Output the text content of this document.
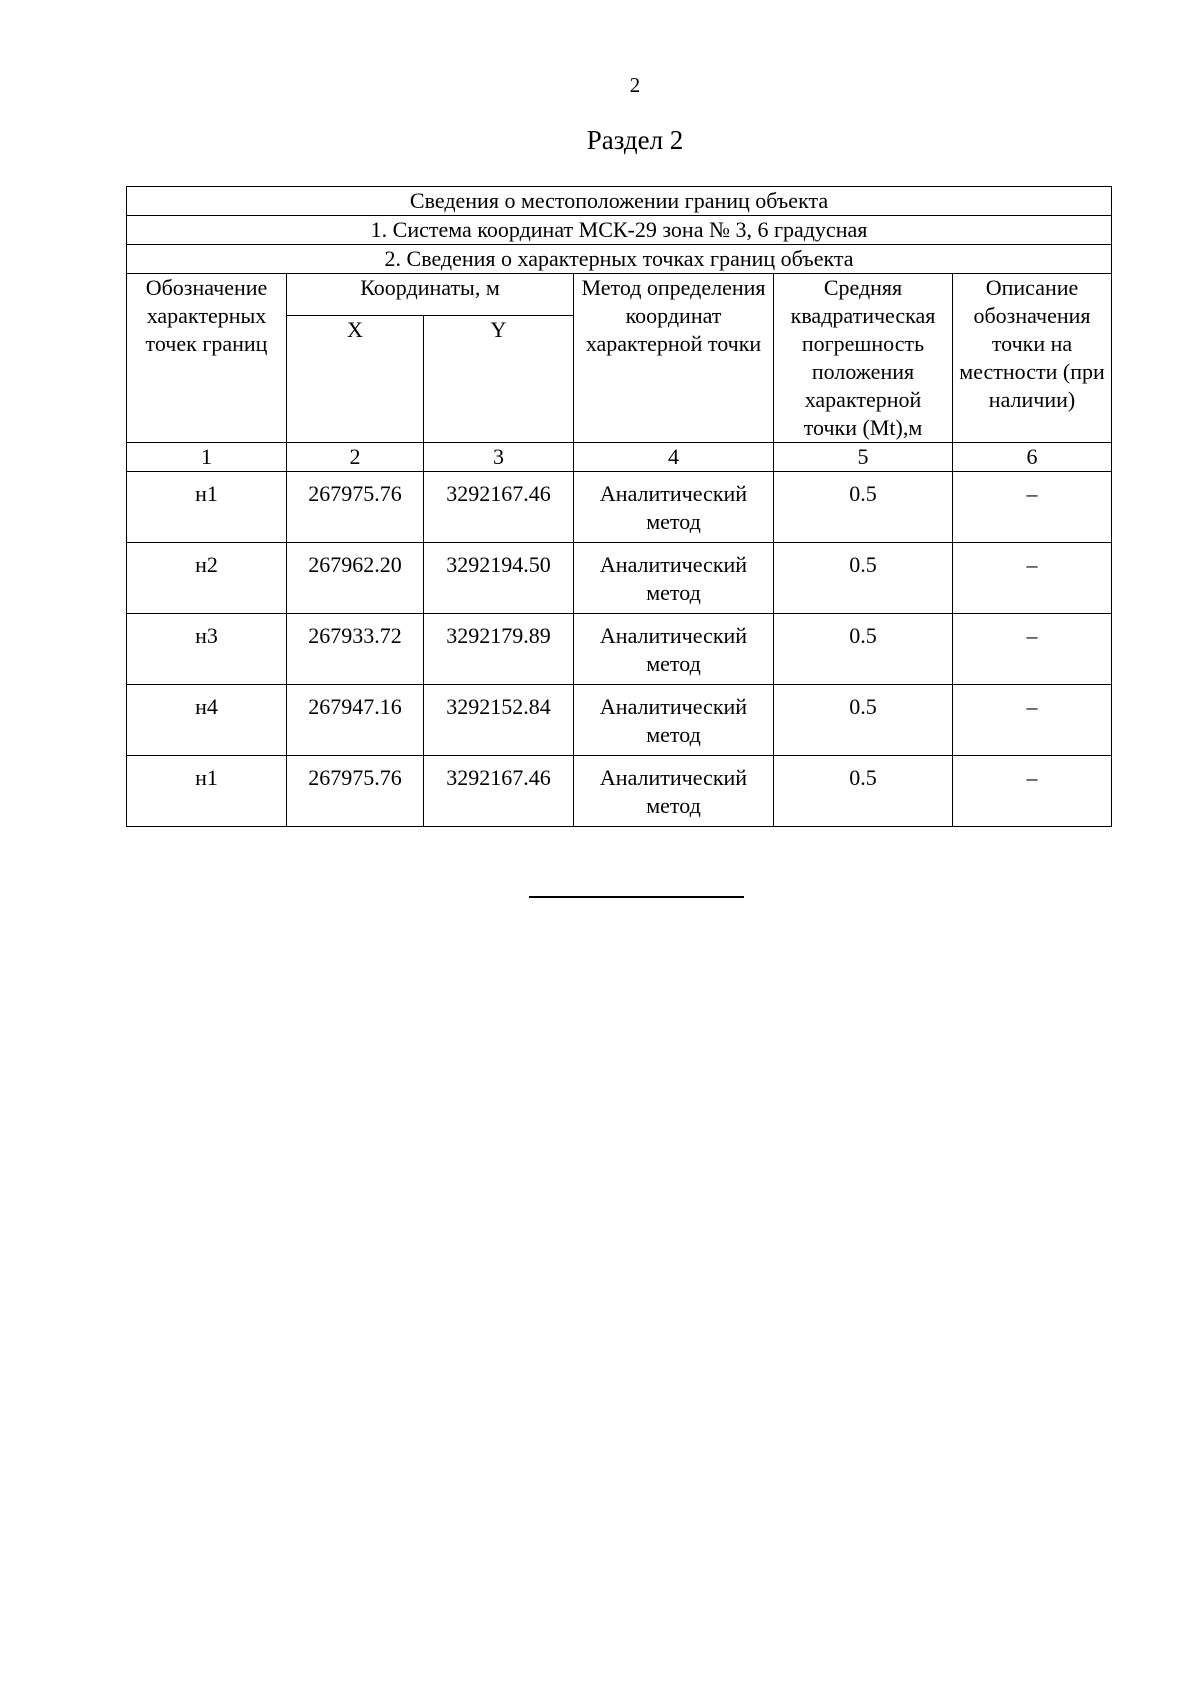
2
Раздел 2
Сведения о местоположении границ объекта					
1. Система координат МСК-29 зона № 3, 6 градусная					
2. Сведения о характерных точках границ объекта					
Обозначение характерных точек границ	Координаты, м		Метод определения координат характерной точки	Средняя квадратическая погрешность положения характерной точки (Mt),м	Описание обозначения точки на местности (при наличии)
	X	Y			
1	2	3	4	5	6
н1	267975.76	3292167.46	Аналитический метод	0.5	–
н2	267962.20	3292194.50	Аналитический метод	0.5	–
н3	267933.72	3292179.89	Аналитический метод	0.5	–
н4	267947.16	3292152.84	Аналитический метод	0.5	–
н1	267975.76	3292167.46	Аналитический метод	0.5	–
